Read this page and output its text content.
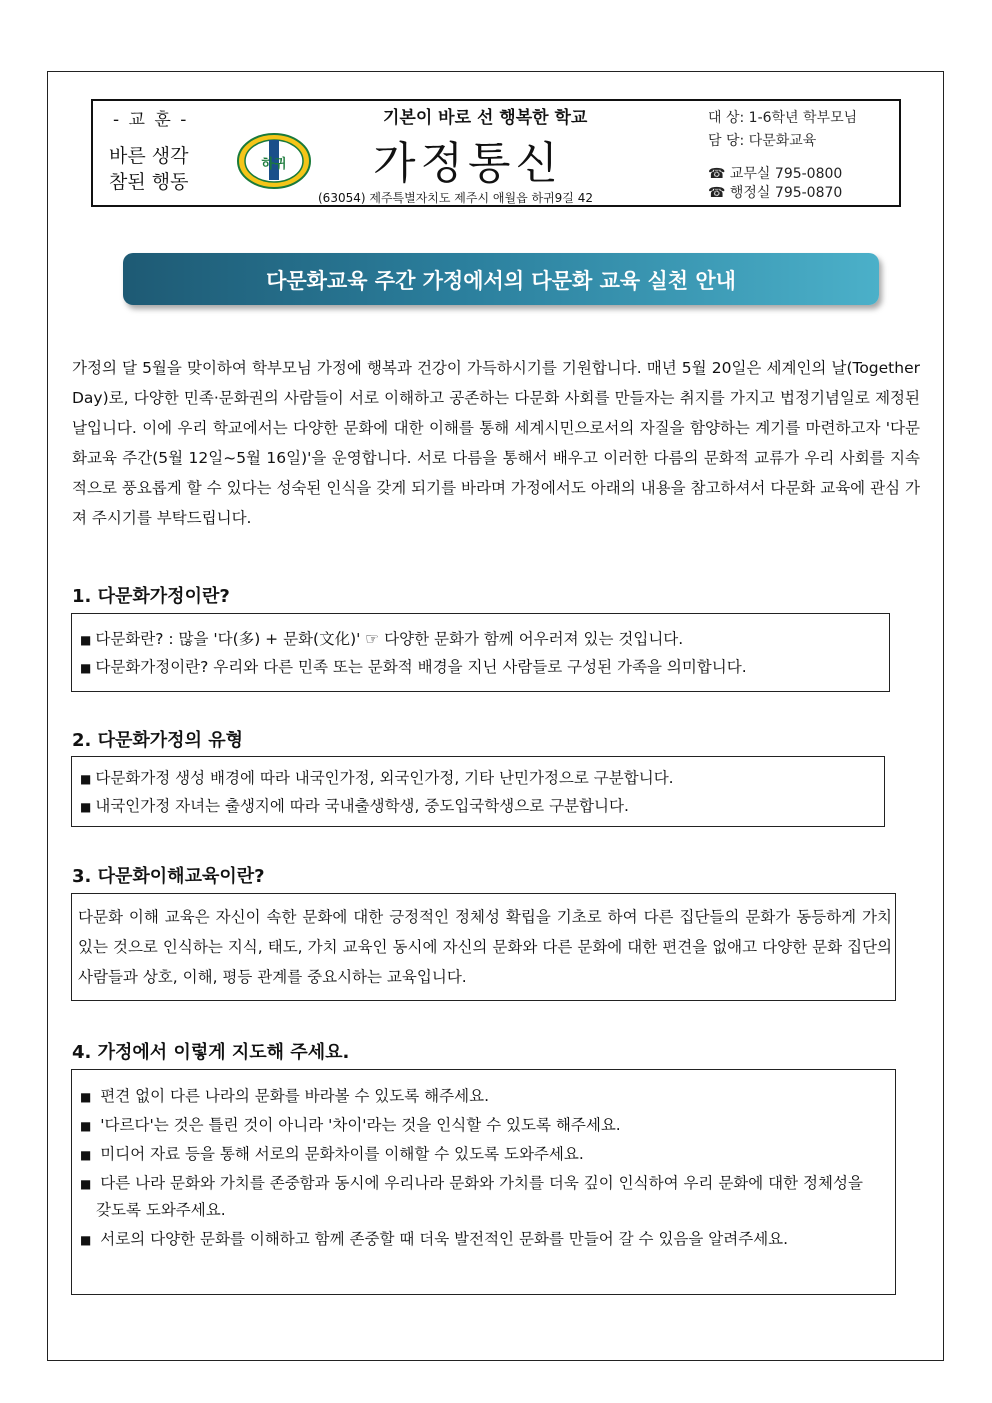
- 교 훈 -
바른 생각
참된 행동
하귀
기본이 바로 선 행복한 학교
가정통신
(63054) 제주특별자치도 제주시 애월읍 하귀9길 42
대 상: 1-6학년 학부모님
담 당: 다문화교육
☎ 교무실 795-0800
☎ 행정실 795-0870
다문화교육 주간 가정에서의 다문화 교육 실천 안내
가정의 달 5월을 맞이하여 학부모님 가정에 행복과 건강이 가득하시기를 기원합니다. 매년 5월 20일은 세계인의 날(Together Day)로, 다양한 민족·문화권의 사람들이 서로 이해하고 공존하는 다문화 사회를 만들자는 취지를 가지고 법정기념일로 제정된 날입니다. 이에 우리 학교에서는 다양한 문화에 대한 이해를 통해 세계시민으로서의 자질을 함양하는 계기를 마련하고자 '다문화교육 주간(5월 12일~5월 16일)'을 운영합니다. 서로 다름을 통해서 배우고 이러한 다름의 문화적 교류가 우리 사회를 지속적으로 풍요롭게 할 수 있다는 성숙된 인식을 갖게 되기를 바라며 가정에서도 아래의 내용을 참고하셔서 다문화 교육에 관심 가져 주시기를 부탁드립니다.
1. 다문화가정이란?
■ 다문화란? : 많을 '다(多) + 문화(文化)' ☞ 다양한 문화가 함께 어우러져 있는 것입니다.
■ 다문화가정이란? 우리와 다른 민족 또는 문화적 배경을 지닌 사람들로 구성된 가족을 의미합니다.
2. 다문화가정의 유형
■ 다문화가정 생성 배경에 따라 내국인가정, 외국인가정, 기타 난민가정으로 구분합니다.
■ 내국인가정 자녀는 출생지에 따라 국내출생학생, 중도입국학생으로 구분합니다.
3. 다문화이해교육이란?
다문화 이해 교육은 자신이 속한 문화에 대한 긍정적인 정체성 확립을 기초로 하여 다른 집단들의 문화가 동등하게 가치 있는 것으로 인식하는 지식, 태도, 가치 교육인 동시에 자신의 문화와 다른 문화에 대한 편견을 없애고 다양한 문화 집단의 사람들과 상호, 이해, 평등 관계를 중요시하는 교육입니다.
4. 가정에서 이렇게 지도해 주세요.
■ 편견 없이 다른 나라의 문화를 바라볼 수 있도록 해주세요.
■ '다르다'는 것은 틀린 것이 아니라 '차이'라는 것을 인식할 수 있도록 해주세요.
■ 미디어 자료 등을 통해 서로의 문화차이를 이해할 수 있도록 도와주세요.
■ 다른 나라 문화와 가치를 존중함과 동시에 우리나라 문화와 가치를 더욱 깊이 인식하여 우리 문화에 대한 정체성을 갖도록 도와주세요.
■ 서로의 다양한 문화를 이해하고 함께 존중할 때 더욱 발전적인 문화를 만들어 갈 수 있음을 알려주세요.
